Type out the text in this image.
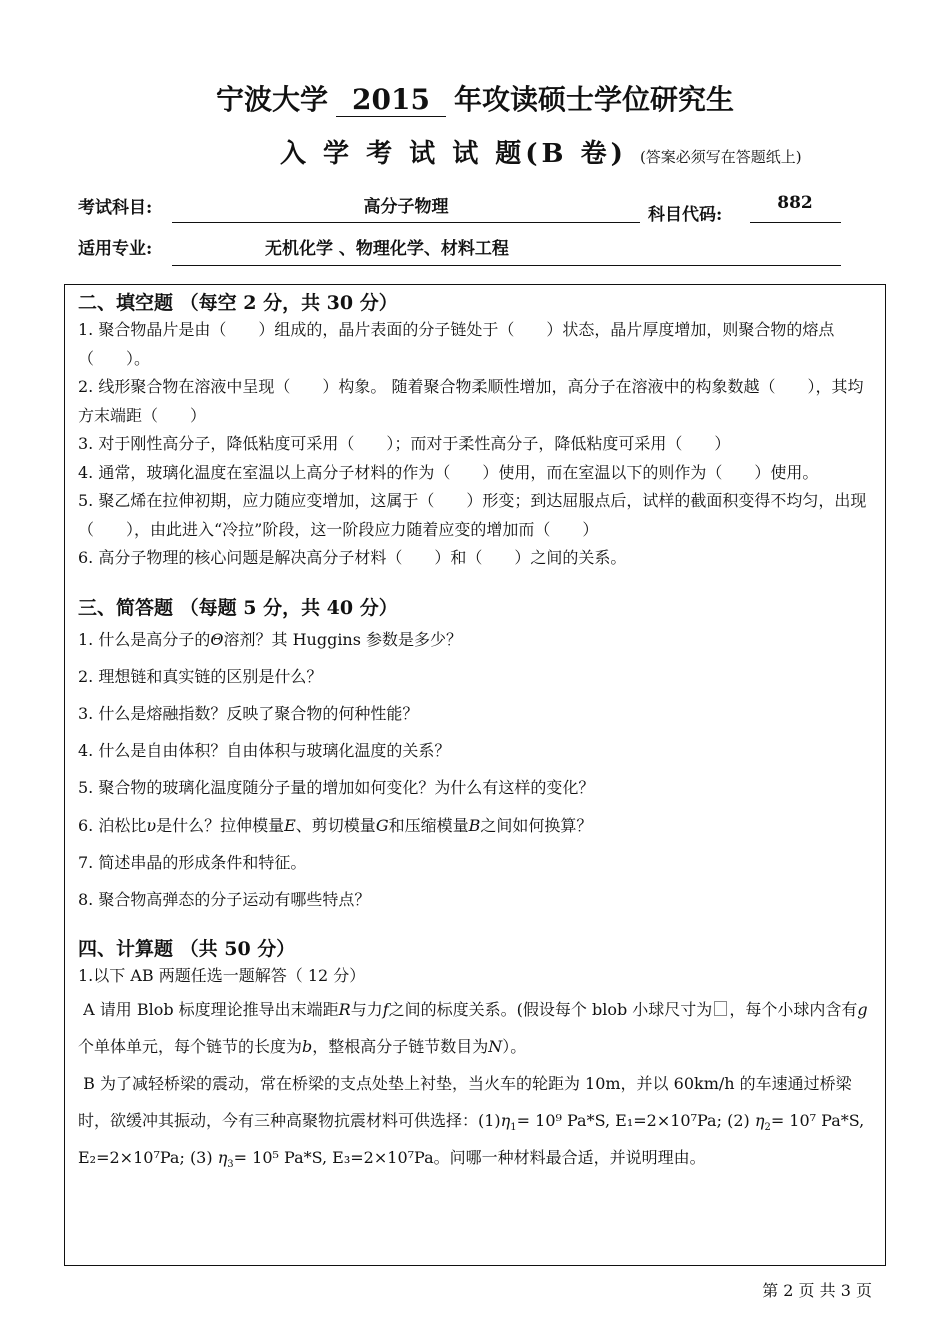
宁波大学 2015 年攻读硕士学位研究生
入 学 考 试 试 题(B 卷) (答案必须写在答题纸上)
考试科目:	高分子物理	科目代码:
882
适用专业:	无机化学 、物理化学、材料工程

二、填空题 （每空 2 分，共 30 分）

1. 聚合物晶片是由（　　）组成的，晶片表面的分子链处于（　　）状态，晶片厚度增加，则聚合物的熔点（　　）。

2. 线形聚合物在溶液中呈现（　　）构象。 随着聚合物柔顺性增加，高分子在溶液中的构象数越（　　），其均方末端距（　　）

3. 对于刚性高分子，降低粘度可采用（　　）；而对于柔性高分子，降低粘度可采用（　　）

4. 通常，玻璃化温度在室温以上高分子材料的作为（　　）使用，而在室温以下的则作为（　　）使用。

5. 聚乙烯在拉伸初期，应力随应变增加，这属于（　　）形变；到达屈服点后，试样的截面积变得不均匀，出现（　　），由此进入“冷拉”阶段，这一阶段应力随着应变的增加而（　　）

6. 高分子物理的核心问题是解决高分子材料（　　）和（　　）之间的关系。

三、简答题 （每题 5 分，共 40 分）

1. 什么是高分子的Θ溶剂？其 Huggins 参数是多少？

2. 理想链和真实链的区别是什么？

3. 什么是熔融指数？反映了聚合物的何种性能？

4. 什么是自由体积？自由体积与玻璃化温度的关系？

5. 聚合物的玻璃化温度随分子量的增加如何变化？为什么有这样的变化？

6. 泊松比υ是什么？拉伸模量E、剪切模量G和压缩模量B之间如何换算？

7. 简述串晶的形成条件和特征。

8. 聚合物高弹态的分子运动有哪些特点？

四、计算题 （共 50 分）

1.以下 AB 两题任选一题解答（ 12 分）

A 请用 Blob 标度理论推导出末端距R与力f之间的标度关系。(假设每个 blob 小球尺寸为 ，每个小球内含有g个单体单元，每个链节的长度为b，整根高分子链节数目为N）。

B 为了减轻桥梁的震动，常在桥梁的支点处垫上衬垫，当火车的轮距为 10m，并以 60km/h 的车速通过桥梁时，欲缓冲其振动，今有三种高聚物抗震材料可供选择：$(1)\eta_1= 10^9$ Pa*S, E₁=2×10⁷Pa; (2) $\eta_2= 10^7$ Pa*S, E₂=2×10⁷Pa; (3) $\eta_3= 10^5$ Pa*S, E₃=2×10⁷Pa。问哪一种材料最合适，并说明理由。

第 2 页 共 3 页
